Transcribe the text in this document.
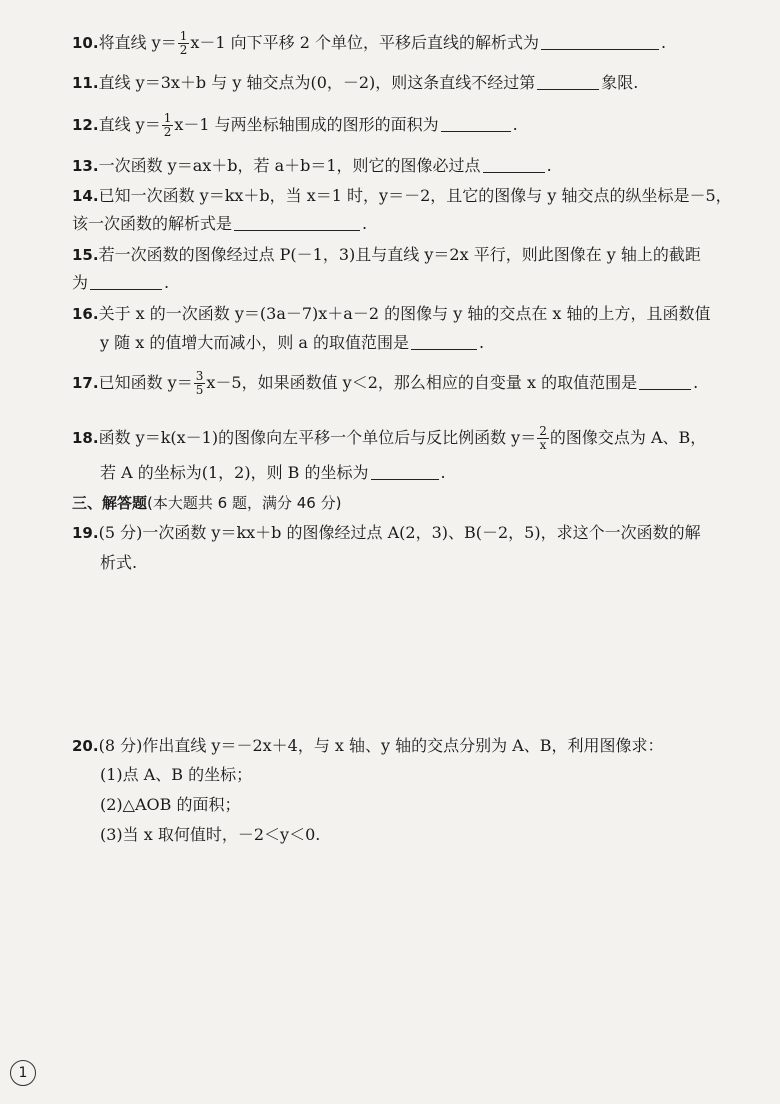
10.将直线 $y= \frac{1}{2} x-1$ 向下平移 2 个单位，平移后直线的解析式为	.
11.直线 y＝3x＋b 与 y 轴交点为(0，－2)，则这条直线不经过第	象限.
12.直线 $y= \frac{1}{2} x-1$ 与两坐标轴围成的图形的面积为	.
13.一次函数 y＝ax＋b，若 a＋b＝1，则它的图像必过点	.
14.已知一次函数 y＝kx＋b，当 x＝1 时，y＝－2，且它的图像与 y 轴交点的纵坐标是－5，
该一次函数的解析式是	.
15.若一次函数的图像经过点 P(－1，3)且与直线 y＝2x 平行，则此图像在 y 轴上的截距
为	.
16.关于 x 的一次函数 y＝(3a－7)x＋a－2 的图像与 y 轴的交点在 x 轴的上方，且函数值
y 随 x 的值增大而减小，则 a 的取值范围是	.
17.已知函数 $y= \frac{3}{5} x-5$，如果函数值 y＜2，那么相应的自变量 x 的取值范围是	.
18.函数 y＝k(x－1)的图像向左平移一个单位后与反比例函数 $y= \frac{2}{x}$ 的图像交点为 A、B，
若 A 的坐标为(1，2)，则 B 的坐标为	.
三、解答题(本大题共 6 题，满分 46 分)
19.(5 分)一次函数 y＝kx＋b 的图像经过点 A(2，3)、B(－2，5)，求这个一次函数的解
析式.
20.(8 分)作出直线 y＝－2x＋4，与 x 轴、y 轴的交点分别为 A、B，利用图像求：
(1)点 A、B 的坐标；
(2)△AOB 的面积；
(3)当 x 取何值时，－2＜y＜0.
1
